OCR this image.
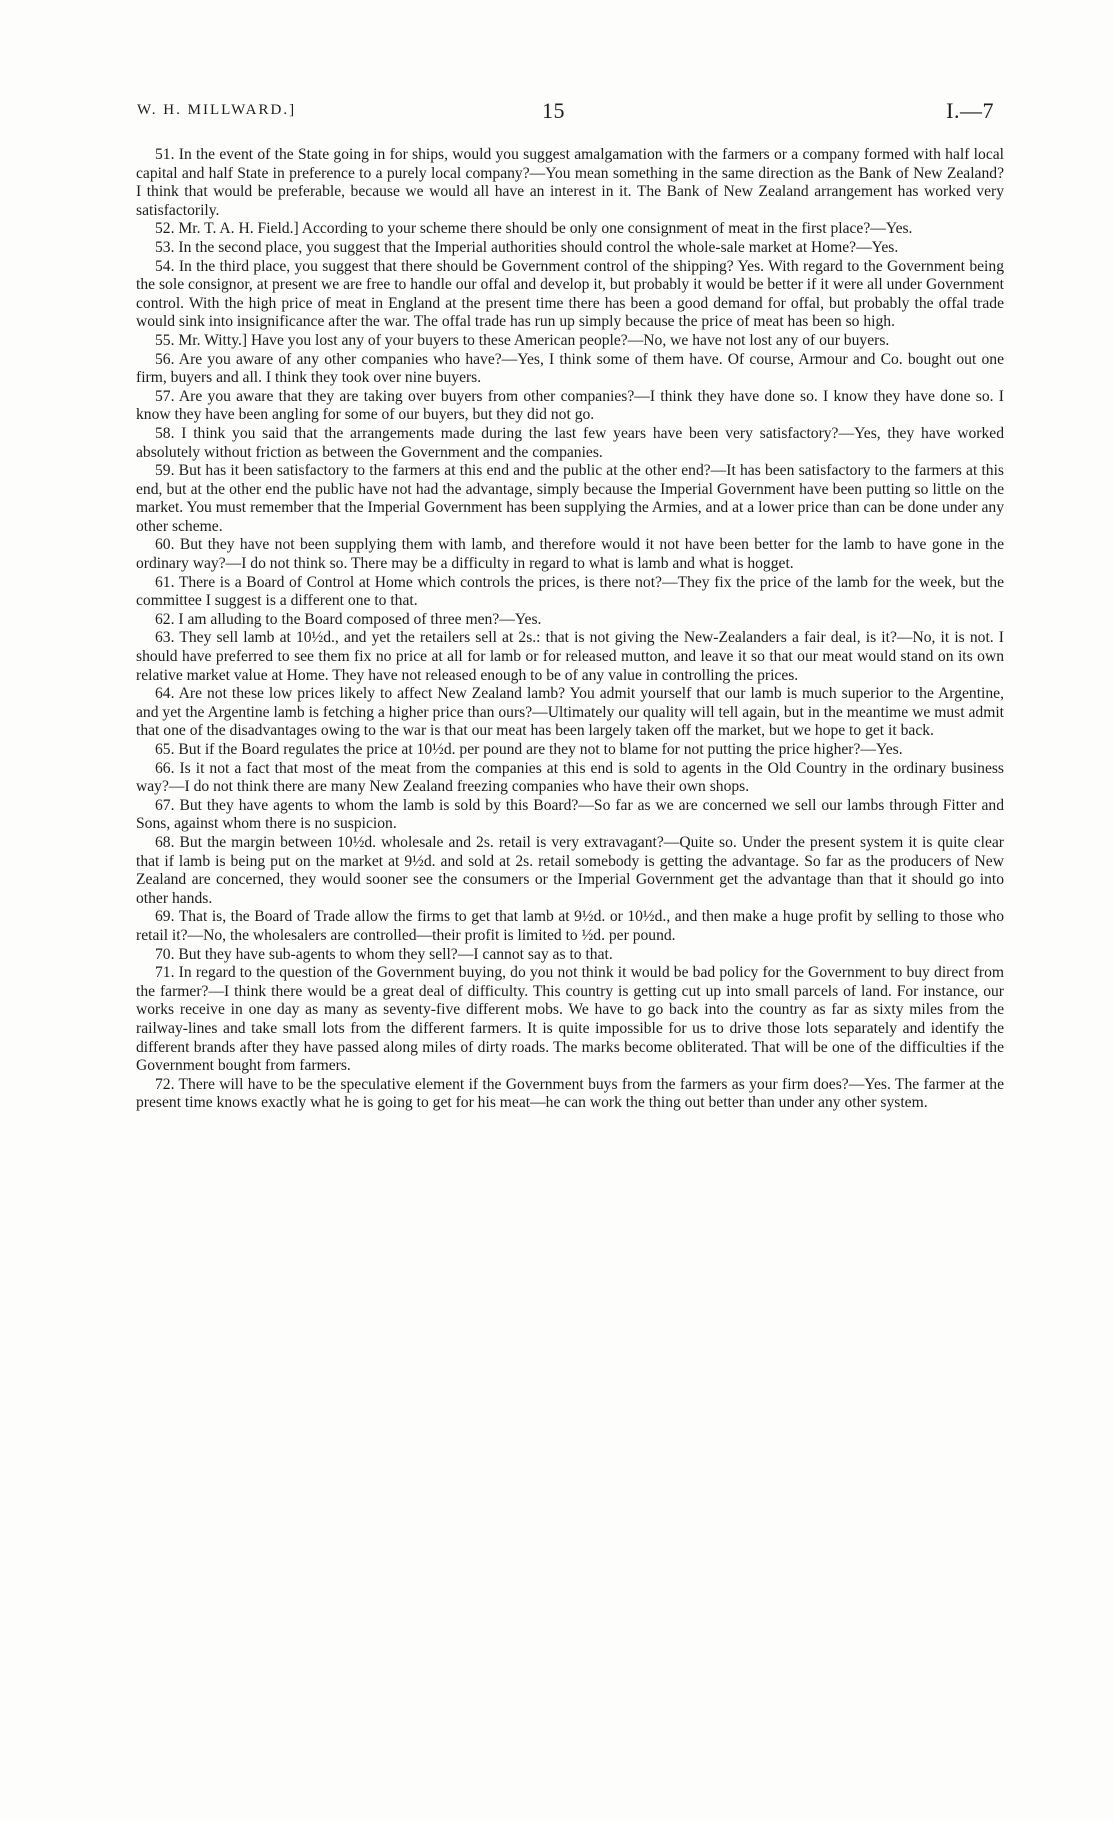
W. H. MILLWARD.]	15	I.—7

51. In the event of the State going in for ships, would you suggest amalgamation with the farmers or a company formed with half local capital and half State in preference to a purely local company?—You mean something in the same direction as the Bank of New Zealand? I think that would be preferable, because we would all have an interest in it. The Bank of New Zealand arrangement has worked very satisfactorily.

52. Mr. T. A. H. Field.] According to your scheme there should be only one consignment of meat in the first place?—Yes.

53. In the second place, you suggest that the Imperial authorities should control the whole-sale market at Home?—Yes.

54. In the third place, you suggest that there should be Government control of the shipping? Yes. With regard to the Government being the sole consignor, at present we are free to handle our offal and develop it, but probably it would be better if it were all under Government control. With the high price of meat in England at the present time there has been a good demand for offal, but probably the offal trade would sink into insignificance after the war. The offal trade has run up simply because the price of meat has been so high.

55. Mr. Witty.] Have you lost any of your buyers to these American people?—No, we have not lost any of our buyers.

56. Are you aware of any other companies who have?—Yes, I think some of them have. Of course, Armour and Co. bought out one firm, buyers and all. I think they took over nine buyers.

57. Are you aware that they are taking over buyers from other companies?—I think they have done so. I know they have done so. I know they have been angling for some of our buyers, but they did not go.

58. I think you said that the arrangements made during the last few years have been very satisfactory?—Yes, they have worked absolutely without friction as between the Government and the companies.

59. But has it been satisfactory to the farmers at this end and the public at the other end?—It has been satisfactory to the farmers at this end, but at the other end the public have not had the advantage, simply because the Imperial Government have been putting so little on the market. You must remember that the Imperial Government has been supplying the Armies, and at a lower price than can be done under any other scheme.

60. But they have not been supplying them with lamb, and therefore would it not have been better for the lamb to have gone in the ordinary way?—I do not think so. There may be a difficulty in regard to what is lamb and what is hogget.

61. There is a Board of Control at Home which controls the prices, is there not?—They fix the price of the lamb for the week, but the committee I suggest is a different one to that.

62. I am alluding to the Board composed of three men?—Yes.

63. They sell lamb at 10½d., and yet the retailers sell at 2s.: that is not giving the New-Zealanders a fair deal, is it?—No, it is not. I should have preferred to see them fix no price at all for lamb or for released mutton, and leave it so that our meat would stand on its own relative market value at Home. They have not released enough to be of any value in controlling the prices.

64. Are not these low prices likely to affect New Zealand lamb? You admit yourself that our lamb is much superior to the Argentine, and yet the Argentine lamb is fetching a higher price than ours?—Ultimately our quality will tell again, but in the meantime we must admit that one of the disadvantages owing to the war is that our meat has been largely taken off the market, but we hope to get it back.

65. But if the Board regulates the price at 10½d. per pound are they not to blame for not putting the price higher?—Yes.

66. Is it not a fact that most of the meat from the companies at this end is sold to agents in the Old Country in the ordinary business way?—I do not think there are many New Zealand freezing companies who have their own shops.

67. But they have agents to whom the lamb is sold by this Board?—So far as we are concerned we sell our lambs through Fitter and Sons, against whom there is no suspicion.

68. But the margin between 10½d. wholesale and 2s. retail is very extravagant?—Quite so. Under the present system it is quite clear that if lamb is being put on the market at 9½d. and sold at 2s. retail somebody is getting the advantage. So far as the producers of New Zealand are concerned, they would sooner see the consumers or the Imperial Government get the advantage than that it should go into other hands.

69. That is, the Board of Trade allow the firms to get that lamb at 9½d. or 10½d., and then make a huge profit by selling to those who retail it?—No, the wholesalers are controlled—their profit is limited to ½d. per pound.

70. But they have sub-agents to whom they sell?—I cannot say as to that.

71. In regard to the question of the Government buying, do you not think it would be bad policy for the Government to buy direct from the farmer?—I think there would be a great deal of difficulty. This country is getting cut up into small parcels of land. For instance, our works receive in one day as many as seventy-five different mobs. We have to go back into the country as far as sixty miles from the railway-lines and take small lots from the different farmers. It is quite impossible for us to drive those lots separately and identify the different brands after they have passed along miles of dirty roads. The marks become obliterated. That will be one of the difficulties if the Government bought from farmers.

72. There will have to be the speculative element if the Government buys from the farmers as your firm does?—Yes. The farmer at the present time knows exactly what he is going to get for his meat—he can work the thing out better than under any other system.
